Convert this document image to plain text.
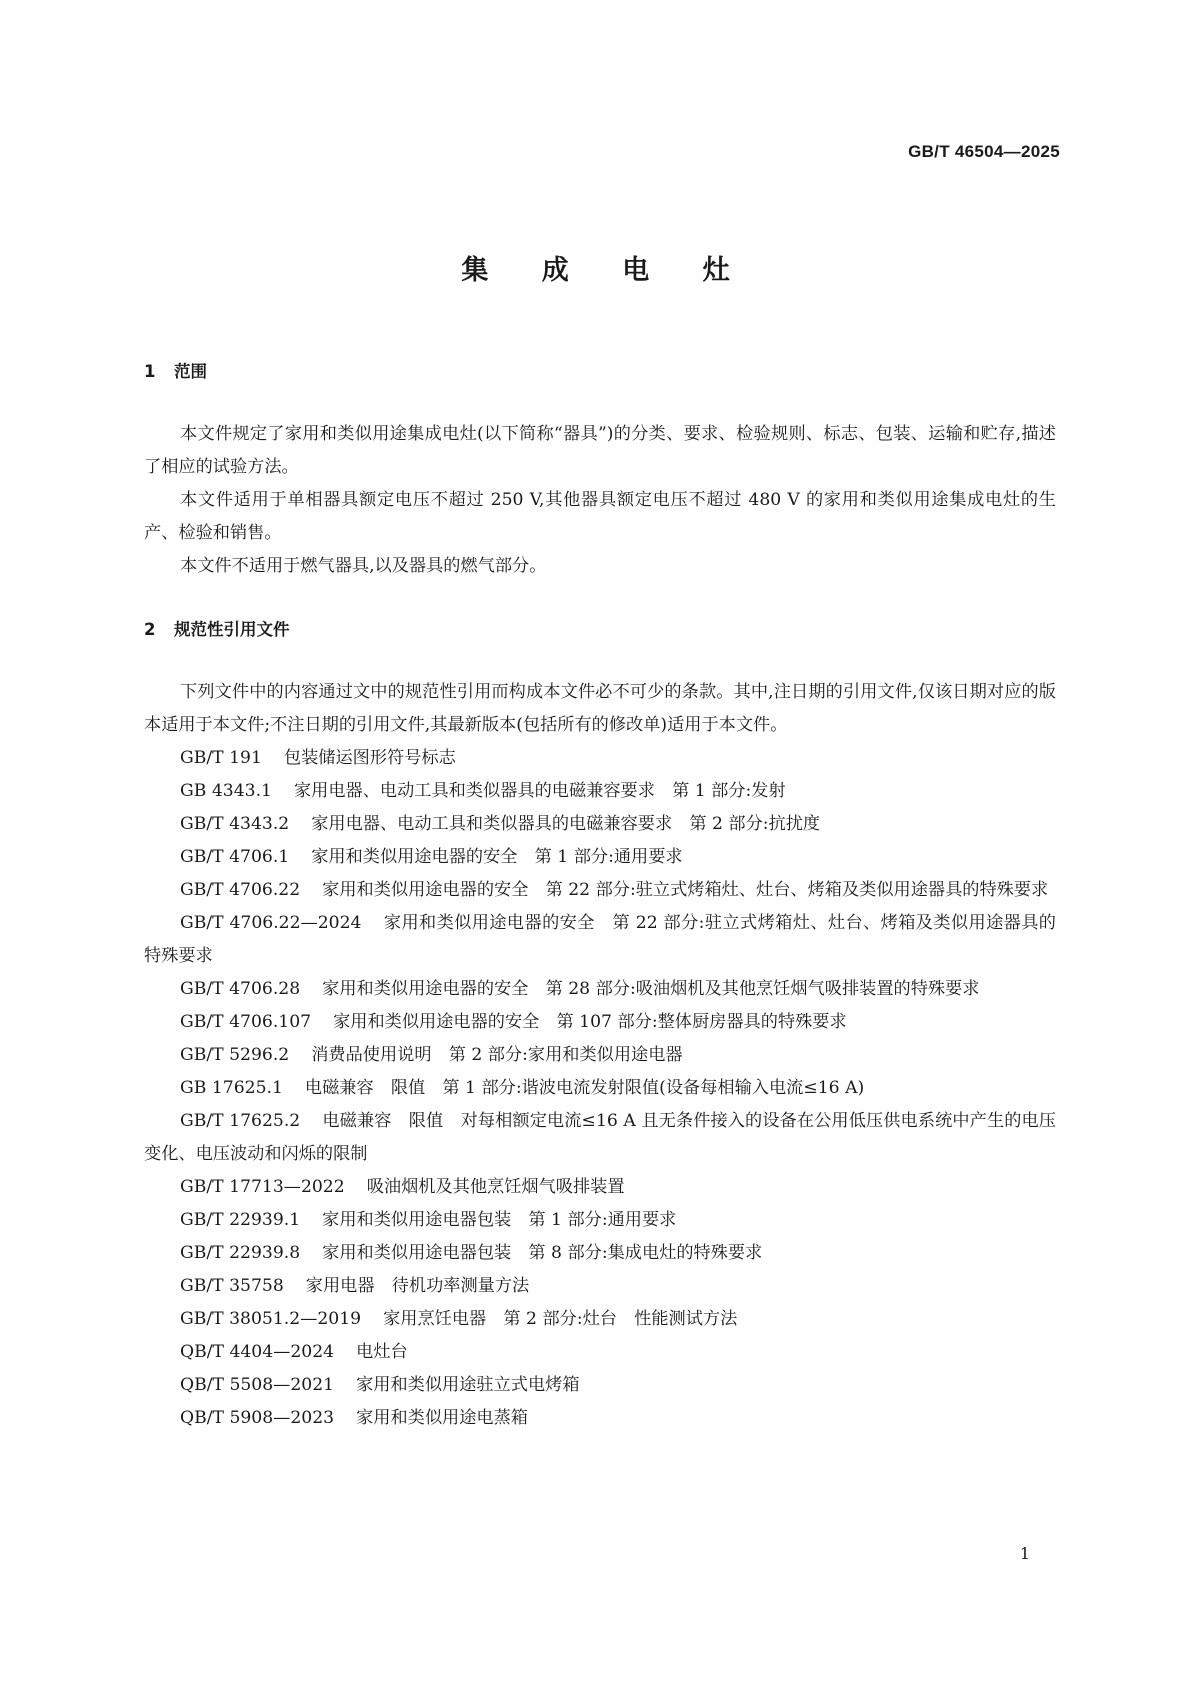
GB/T 46504—2025
集 成 电 灶
1 范围

本文件规定了家用和类似用途集成电灶(以下简称“器具”)的分类、要求、检验规则、标志、包装、运输和贮存,描述了相应的试验方法。

本文件适用于单相器具额定电压不超过 250 V,其他器具额定电压不超过 480 V 的家用和类似用途集成电灶的生产、检验和销售。

本文件不适用于燃气器具,以及器具的燃气部分。

2 规范性引用文件

下列文件中的内容通过文中的规范性引用而构成本文件必不可少的条款。其中,注日期的引用文件,仅该日期对应的版本适用于本文件;不注日期的引用文件,其最新版本(包括所有的修改单)适用于本文件。

GB/T 191 包装储运图形符号标志

GB 4343.1 家用电器、电动工具和类似器具的电磁兼容要求　第 1 部分:发射

GB/T 4343.2 家用电器、电动工具和类似器具的电磁兼容要求　第 2 部分:抗扰度

GB/T 4706.1 家用和类似用途电器的安全　第 1 部分:通用要求

GB/T 4706.22 家用和类似用途电器的安全　第 22 部分:驻立式烤箱灶、灶台、烤箱及类似用途器具的特殊要求

GB/T 4706.22—2024 家用和类似用途电器的安全　第 22 部分:驻立式烤箱灶、灶台、烤箱及类似用途器具的特殊要求

GB/T 4706.28 家用和类似用途电器的安全　第 28 部分:吸油烟机及其他烹饪烟气吸排装置的特殊要求

GB/T 4706.107 家用和类似用途电器的安全　第 107 部分:整体厨房器具的特殊要求

GB/T 5296.2 消费品使用说明　第 2 部分:家用和类似用途电器

GB 17625.1 电磁兼容　限值　第 1 部分:谐波电流发射限值(设备每相输入电流≤16 A)

GB/T 17625.2 电磁兼容　限值　对每相额定电流≤16 A 且无条件接入的设备在公用低压供电系统中产生的电压变化、电压波动和闪烁的限制

GB/T 17713—2022 吸油烟机及其他烹饪烟气吸排装置

GB/T 22939.1 家用和类似用途电器包装　第 1 部分:通用要求

GB/T 22939.8 家用和类似用途电器包装　第 8 部分:集成电灶的特殊要求

GB/T 35758 家用电器　待机功率测量方法

GB/T 38051.2—2019 家用烹饪电器　第 2 部分:灶台　性能测试方法

QB/T 4404—2024 电灶台

QB/T 5508—2021 家用和类似用途驻立式电烤箱

QB/T 5908—2023 家用和类似用途电蒸箱

1
